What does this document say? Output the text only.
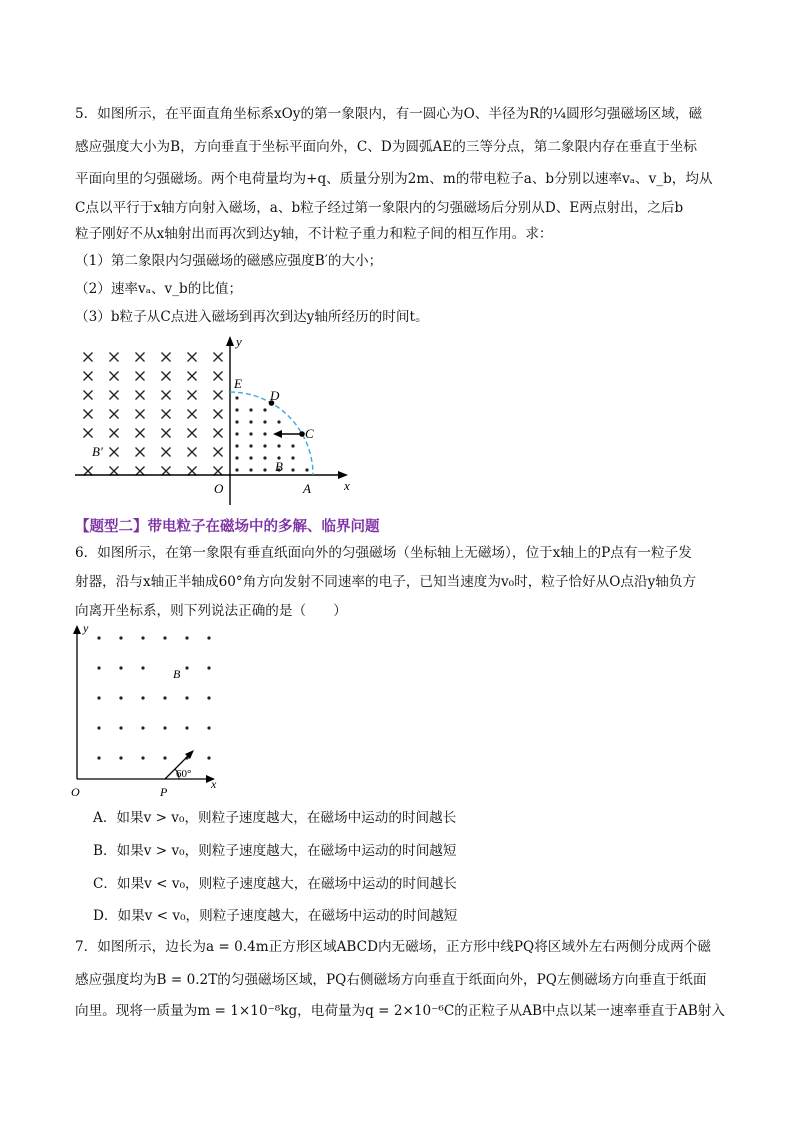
5．如图所示，在平面直角坐标系xOy的第一象限内，有一圆心为O、半径为R的¼圆形匀强磁场区域，磁
感应强度大小为B，方向垂直于坐标平面向外，C、D为圆弧AE的三等分点，第二象限内存在垂直于坐标
平面向里的匀强磁场。两个电荷量均为+q、质量分别为2m、m的带电粒子a、b分别以速率vₐ、v_b，均从
C点以平行于x轴方向射入磁场，a、b粒子经过第一象限内的匀强磁场后分别从D、E两点射出，之后b
粒子刚好不从x轴射出而再次到达y轴，不计粒子重力和粒子间的相互作用。求：
（1）第二象限内匀强磁场的磁感应强度B′的大小；
（2）速率vₐ、v_b的比值；
（3）b粒子从C点进入磁场到再次到达y轴所经历的时间t。
y
x
O	A
E
D
C
B
B′
【题型二】带电粒子在磁场中的多解、临界问题
6．如图所示，在第一象限有垂直纸面向外的匀强磁场（坐标轴上无磁场），位于x轴上的P点有一粒子发
射器，沿与x轴正半轴成60°角方向发射不同速率的电子，已知当速度为v₀时，粒子恰好从O点沿y轴负方
向离开坐标系，则下列说法正确的是（　　）
y
x
O	P
B
60°
A．如果v > v₀，则粒子速度越大，在磁场中运动的时间越长
B．如果v > v₀，则粒子速度越大，在磁场中运动的时间越短
C．如果v < v₀，则粒子速度越大，在磁场中运动的时间越长
D．如果v < v₀，则粒子速度越大，在磁场中运动的时间越短
7．如图所示，边长为a = 0.4m正方形区域ABCD内无磁场，正方形中线PQ将区域外左右两侧分成两个磁
感应强度均为B = 0.2T的匀强磁场区域，PQ右侧磁场方向垂直于纸面向外，PQ左侧磁场方向垂直于纸面
向里。现将一质量为m = 1×10⁻⁸kg，电荷量为q = 2×10⁻⁶C的正粒子从AB中点以某一速率垂直于AB射入
